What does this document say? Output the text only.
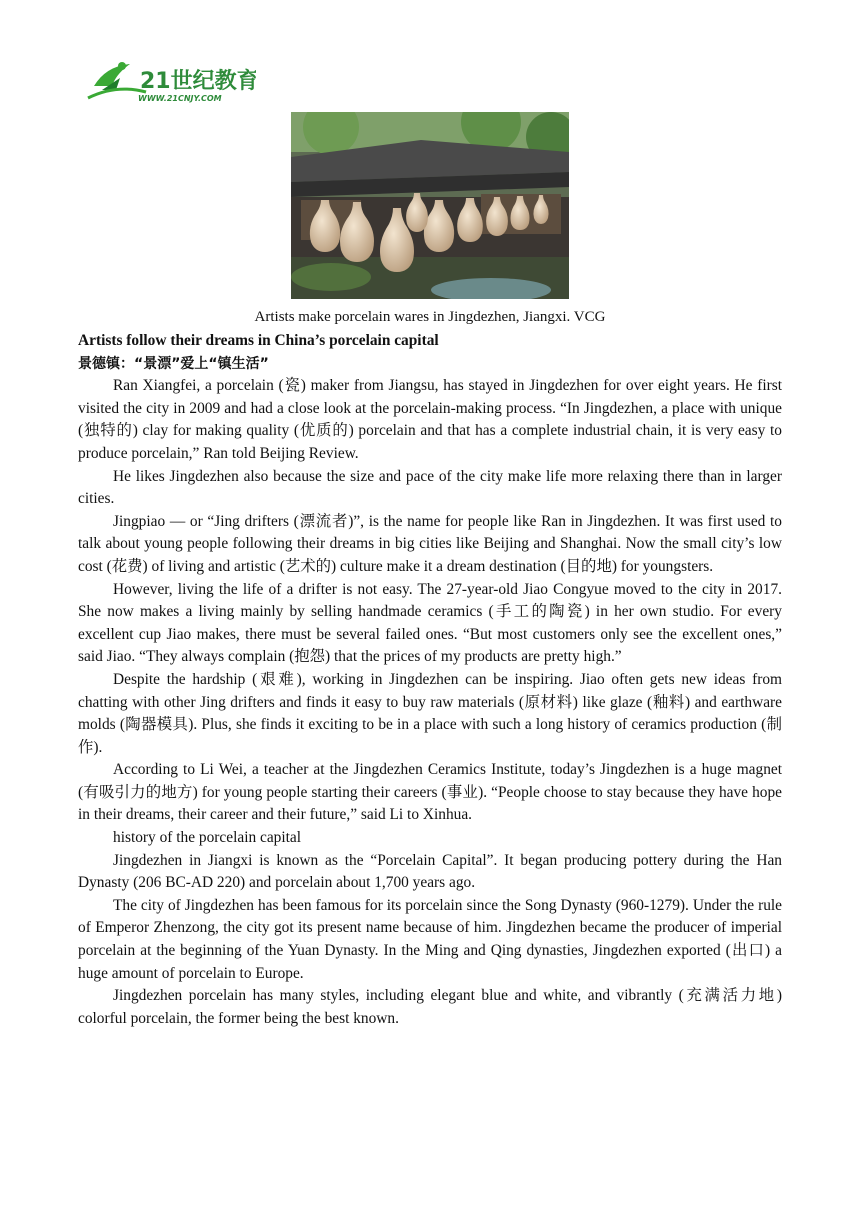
21世纪教育
WWW.21CNJY.COM
Artists make porcelain wares in Jingdezhen, Jiangxi. VCG

Artists follow their dreams in China’s porcelain capital

景德镇：“景漂”爱上“镇生活”

Ran Xiangfei, a porcelain (瓷) maker from Jiangsu, has stayed in Jingdezhen for over eight years. He first visited the city in 2009 and had a close look at the porcelain-making process. “In Jingdezhen, a place with unique (独特的) clay for making quality (优质的) porcelain and that has a complete industrial chain, it is very easy to produce porcelain,” Ran told Beijing Review.

He likes Jingdezhen also because the size and pace of the city make life more relaxing there than in larger cities.

Jingpiao — or “Jing drifters (漂流者)”, is the name for people like Ran in Jingdezhen. It was first used to talk about young people following their dreams in big cities like Beijing and Shanghai. Now the small city’s low cost (花费) of living and artistic (艺术的) culture make it a dream destination (目的地) for youngsters.

However, living the life of a drifter is not easy. The 27-year-old Jiao Congyue moved to the city in 2017. She now makes a living mainly by selling handmade ceramics (手工的陶瓷) in her own studio. For every excellent cup Jiao makes, there must be several failed ones. “But most customers only see the excellent ones,” said Jiao. “They always complain (抱怨) that the prices of my products are pretty high.”

Despite the hardship (艰难), working in Jingdezhen can be inspiring. Jiao often gets new ideas from chatting with other Jing drifters and finds it easy to buy raw materials (原材料) like glaze (釉料) and earthware molds (陶器模具). Plus, she finds it exciting to be in a place with such a long history of ceramics production (制作).

According to Li Wei, a teacher at the Jingdezhen Ceramics Institute, today’s Jingdezhen is a huge magnet (有吸引力的地方) for young people starting their careers (事业). “People choose to stay because they have hope in their dreams, their career and their future,” said Li to Xinhua.

history of the porcelain capital

Jingdezhen in Jiangxi is known as the “Porcelain Capital”. It began producing pottery during the Han Dynasty (206 BC-AD 220) and porcelain about 1,700 years ago.

The city of Jingdezhen has been famous for its porcelain since the Song Dynasty (960-1279). Under the rule of Emperor Zhenzong, the city got its present name because of him. Jingdezhen became the producer of imperial porcelain at the beginning of the Yuan Dynasty. In the Ming and Qing dynasties, Jingdezhen exported (出口) a huge amount of porcelain to Europe.

Jingdezhen porcelain has many styles, including elegant blue and white, and vibrantly (充满活力地) colorful porcelain, the former being the best known.
